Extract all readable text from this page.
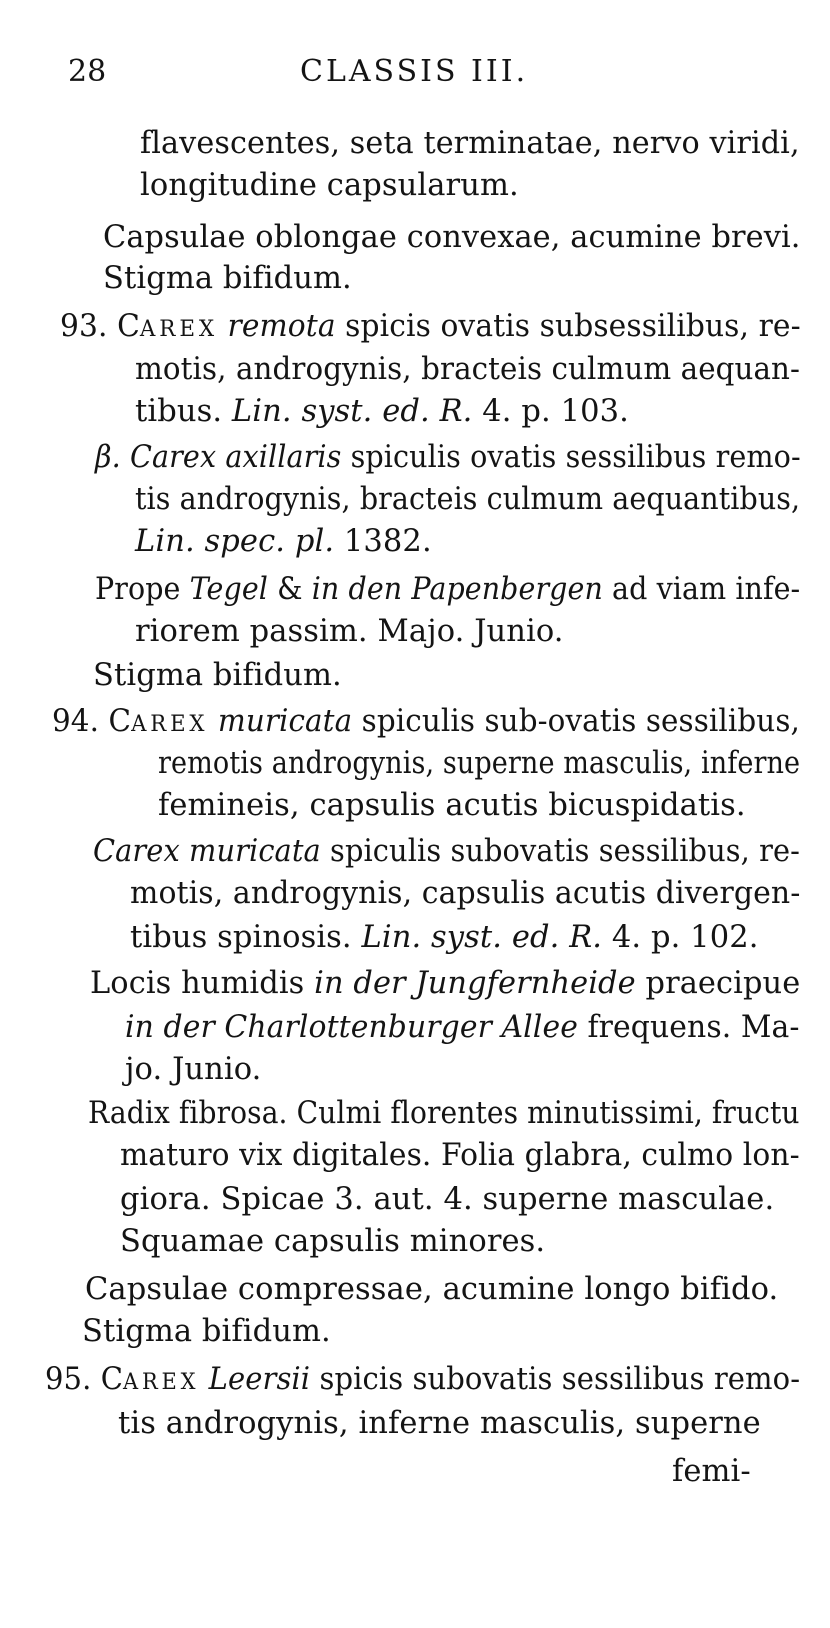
28	CLASSIS III.
flavescentes, seta terminatae, nervo viridi,
longitudine capsularum.
Capsulae oblongae convexae, acumine brevi.
Stigma bifidum.
93. CAREX remota spicis ovatis subsessilibus, re-
motis, androgynis, bracteis culmum aequan-
tibus. Lin. syst. ed. R. 4. p. 103.
β. Carex axillaris spiculis ovatis sessilibus remo-
tis androgynis, bracteis culmum aequantibus,
Lin. spec. pl. 1382.
Prope Tegel & in den Papenbergen ad viam infe-
riorem passim. Majo. Junio.
Stigma bifidum.
94. CAREX muricata spiculis sub-ovatis sessilibus,
remotis androgynis, superne masculis, inferne
femineis, capsulis acutis bicuspidatis.
Carex muricata spiculis subovatis sessilibus, re-
motis, androgynis, capsulis acutis divergen-
tibus spinosis. Lin. syst. ed. R. 4. p. 102.
Locis humidis in der Jungfernheide praecipue
in der Charlottenburger Allee frequens. Ma-
jo. Junio.
Radix fibrosa. Culmi florentes minutissimi, fructu
maturo vix digitales. Folia glabra, culmo lon-
giora. Spicae 3. aut. 4. superne masculae.
Squamae capsulis minores.
Capsulae compressae, acumine longo bifido.
Stigma bifidum.
95. CAREX Leersii spicis subovatis sessilibus remo-
tis androgynis, inferne masculis, superne
femi-
